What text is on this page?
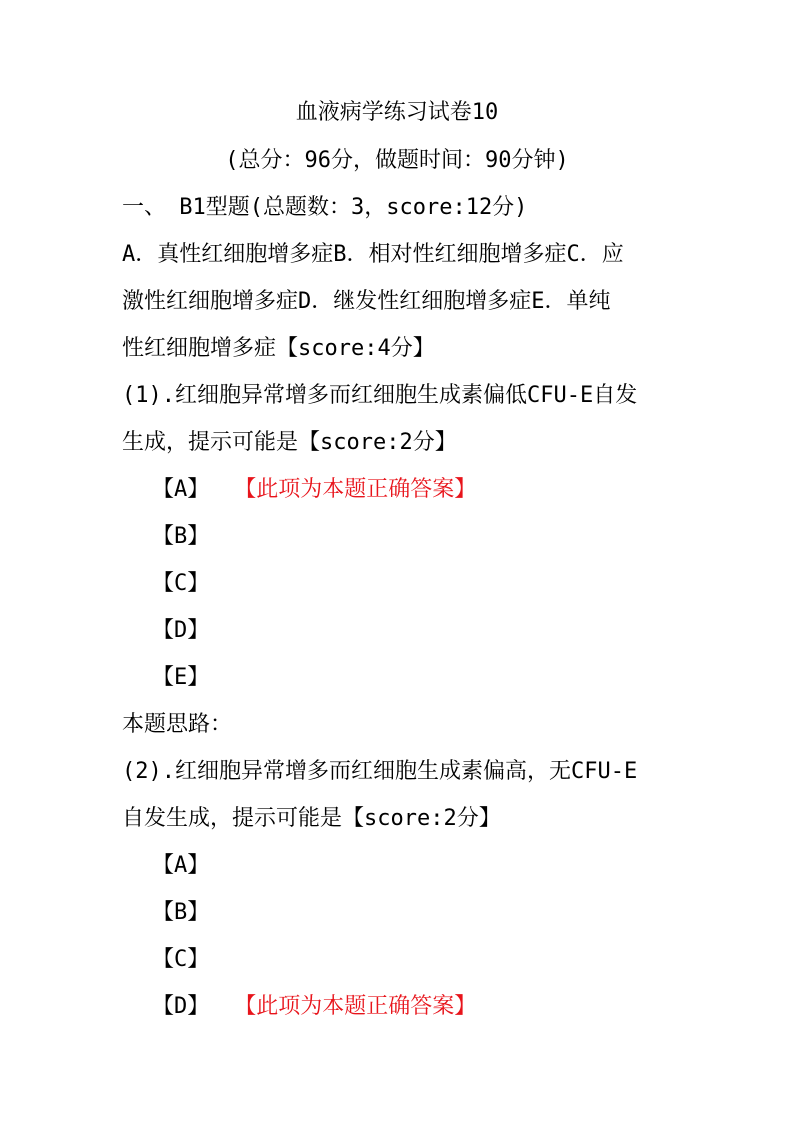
血液病学练习试卷10
(总分：96分，做题时间：90分钟)
一、 B1型题(总题数：3，score:12分)
A．真性红细胞增多症B．相对性红细胞增多症C．应
激性红细胞增多症D．继发性红细胞增多症E．单纯
性红细胞增多症【score:4分】
(1).红细胞异常增多而红细胞生成素偏低CFU-E自发
生成，提示可能是【score:2分】
【A】 【此项为本题正确答案】
【B】
【C】
【D】
【E】
本题思路：
(2).红细胞异常增多而红细胞生成素偏高，无CFU-E
自发生成，提示可能是【score:2分】
【A】
【B】
【C】
【D】 【此项为本题正确答案】
